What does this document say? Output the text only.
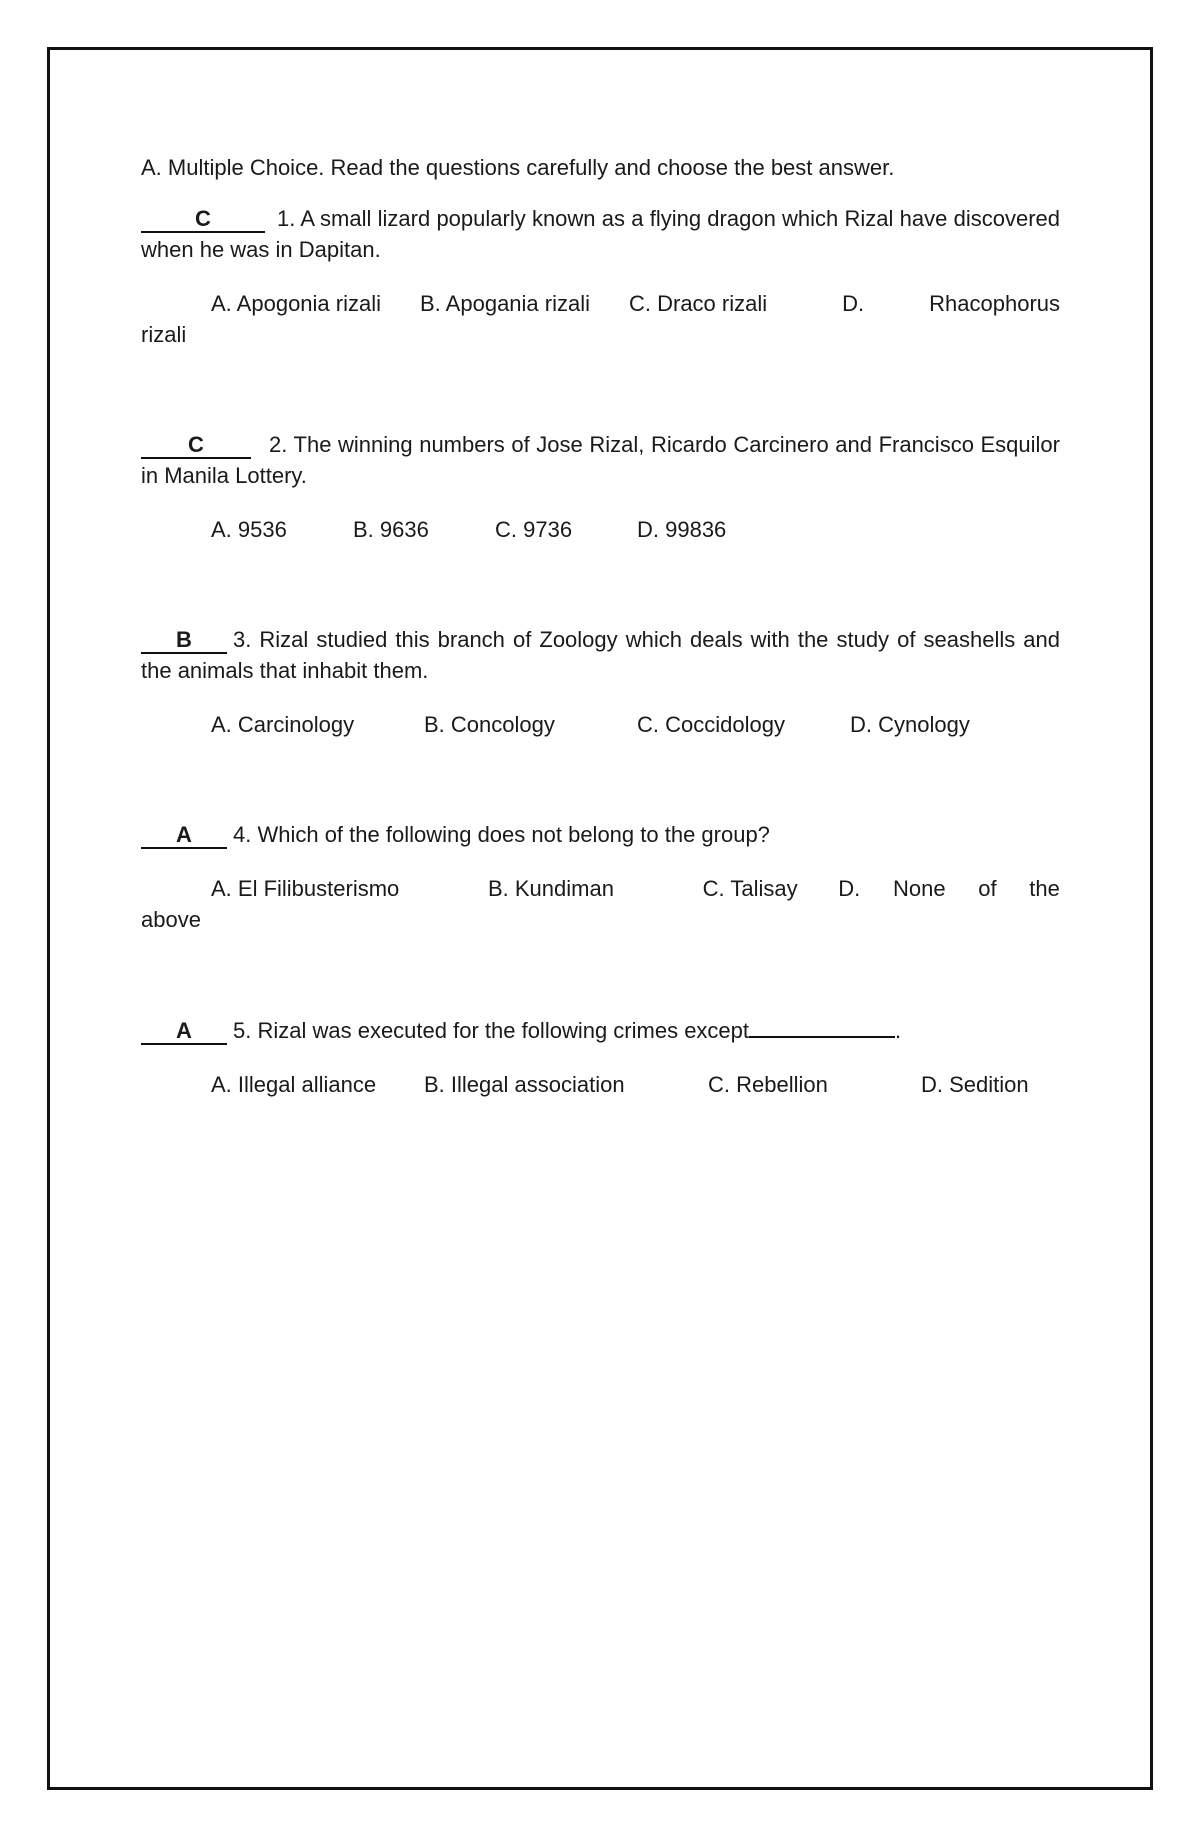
A. Multiple Choice. Read the questions carefully and choose the best answer.

C	1. A small lizard popularly known as a flying dragon which Rizal have discovered when he was in Dapitan.

A. Apogonia rizali B. Apogania rizali C. Draco rizali	D.	Rhacophorus rizali

C	2. The winning numbers of Jose Rizal, Ricardo Carcinero and Francisco Esquilor in Manila Lottery.

A. 9536	B. 9636	C. 9736	D. 99836

B 3. Rizal studied this branch of Zoology which deals with the study of seashells and the animals that inhabit them.

A. Carcinology	B. Concology	C. Coccidology	D. Cynology

A 4. Which of the following does not belong to the group?

A. El Filibusterismo	B. Kundiman	C. Talisay D. None of the above

A 5. Rizal was executed for the following crimes except	.

A. Illegal alliance B. Illegal association	C. Rebellion	D. Sedition
